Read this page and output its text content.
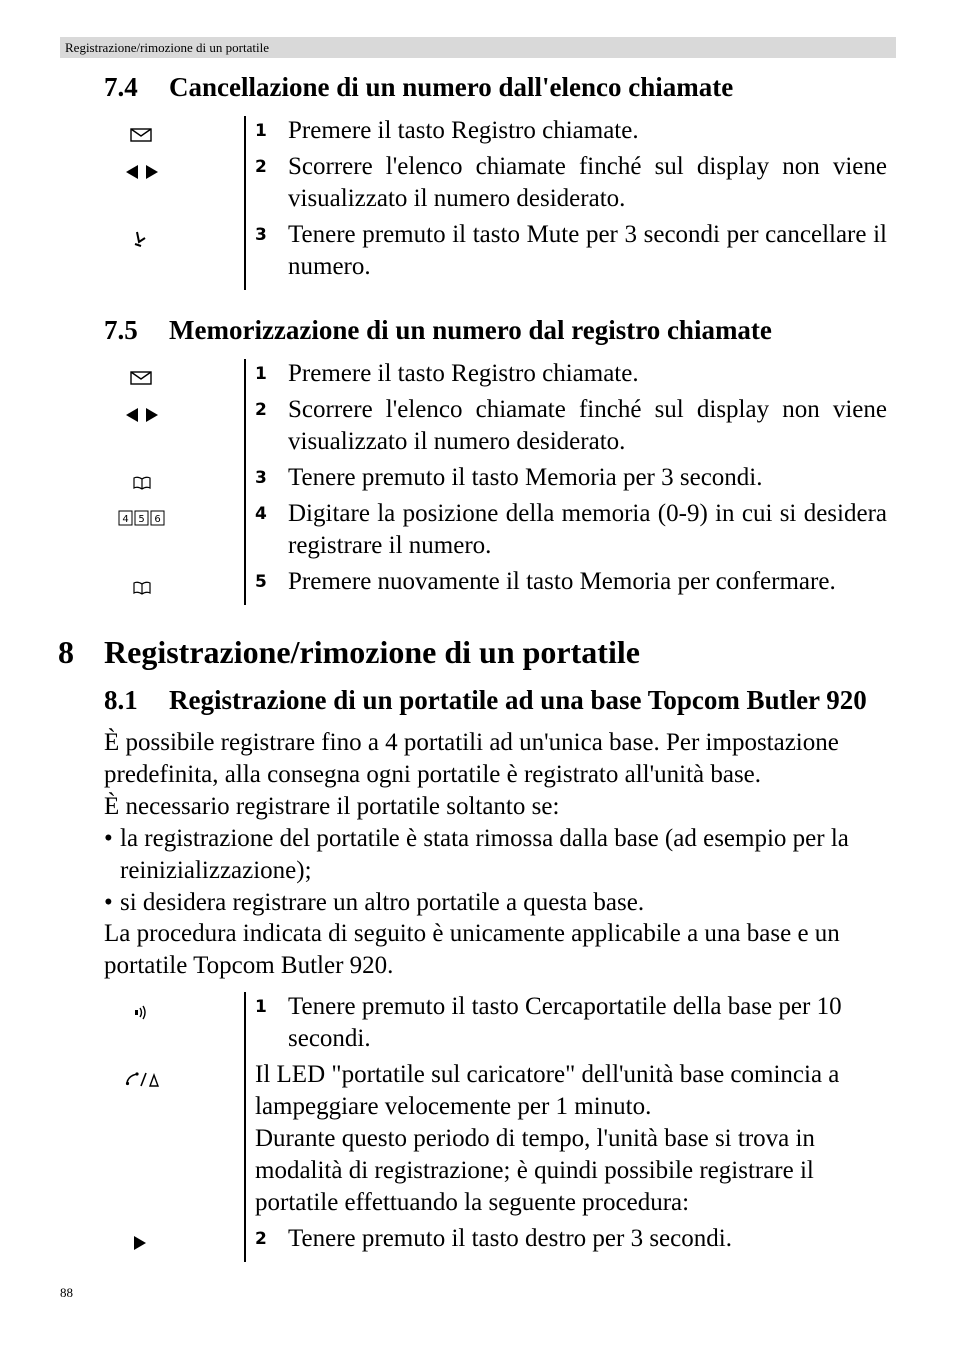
Registrazione/rimozione di un portatile
7.4 Cancellazione di un numero dall'elenco chiamate
1 Premere il tasto Registro chiamate.
2 Scorrere l'elenco chiamate finché sul display non viene visualizzato il numero desiderato.
3 Tenere premuto il tasto Mute per 3 secondi per cancellare il numero.
7.5 Memorizzazione di un numero dal registro chiamate
1 Premere il tasto Registro chiamate.
2 Scorrere l'elenco chiamate finché sul display non viene visualizzato il numero desiderato.
3 Tenere premuto il tasto Memoria per 3 secondi.
4 5 6	4 Digitare la posizione della memoria (0-9) in cui si desidera registrare il numero.
5 Premere nuovamente il tasto Memoria per confermare.
8 Registrazione/rimozione di un portatile
8.1 Registrazione di un portatile ad una base Topcom Butler 920
È possibile registrare fino a 4 portatili ad un'unica base. Per impostazione predefinita, alla consegna ogni portatile è registrato all'unità base.
È necessario registrare il portatile soltanto se:
• la registrazione del portatile è stata rimossa dalla base (ad esempio per la reinizializzazione);
• si desidera registrare un altro portatile a questa base.
La procedura indicata di seguito è unicamente applicabile a una base e un portatile Topcom Butler 920.
1 Tenere premuto il tasto Cercaportatile della base per 10 secondi.
Il LED "portatile sul caricatore" dell'unità base comincia a lampeggiare velocemente per 1 minuto.
Durante questo periodo di tempo, l'unità base si trova in modalità di registrazione; è quindi possibile registrare il portatile effettuando la seguente procedura:
2 Tenere premuto il tasto destro per 3 secondi.
88
